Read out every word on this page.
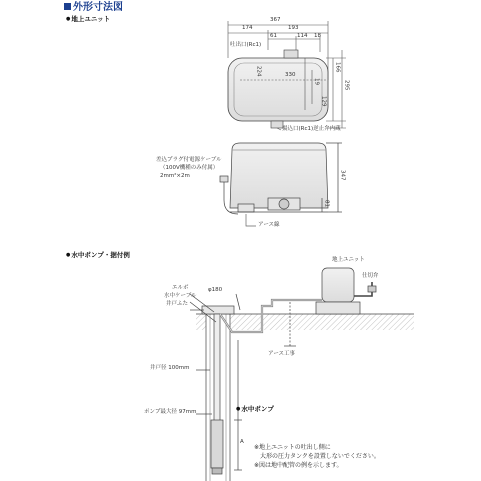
外形寸法図
● 地上ユニット
● 水中ポンプ・据付例
● 水中ポンプ
367
174	193
61	114 18
吐出口(Rc1)
224	330
19
166
295
129
揚込口(Rc1)逆止弁内蔵
差込プラグ付電源ケーブル
（100V機種のみ付属）
2mm²×2m
アース線
347
81
エルボ
水中ケーブル
井戸ふた
φ180
地上ユニット
仕切弁
アース工事
井戸径 100mm
ポンプ最大径 97mm
A
※地上ユニットの吐出し側に
　大形の圧力タンクを設置しないでください。
※図は地中配管の例を示します。
